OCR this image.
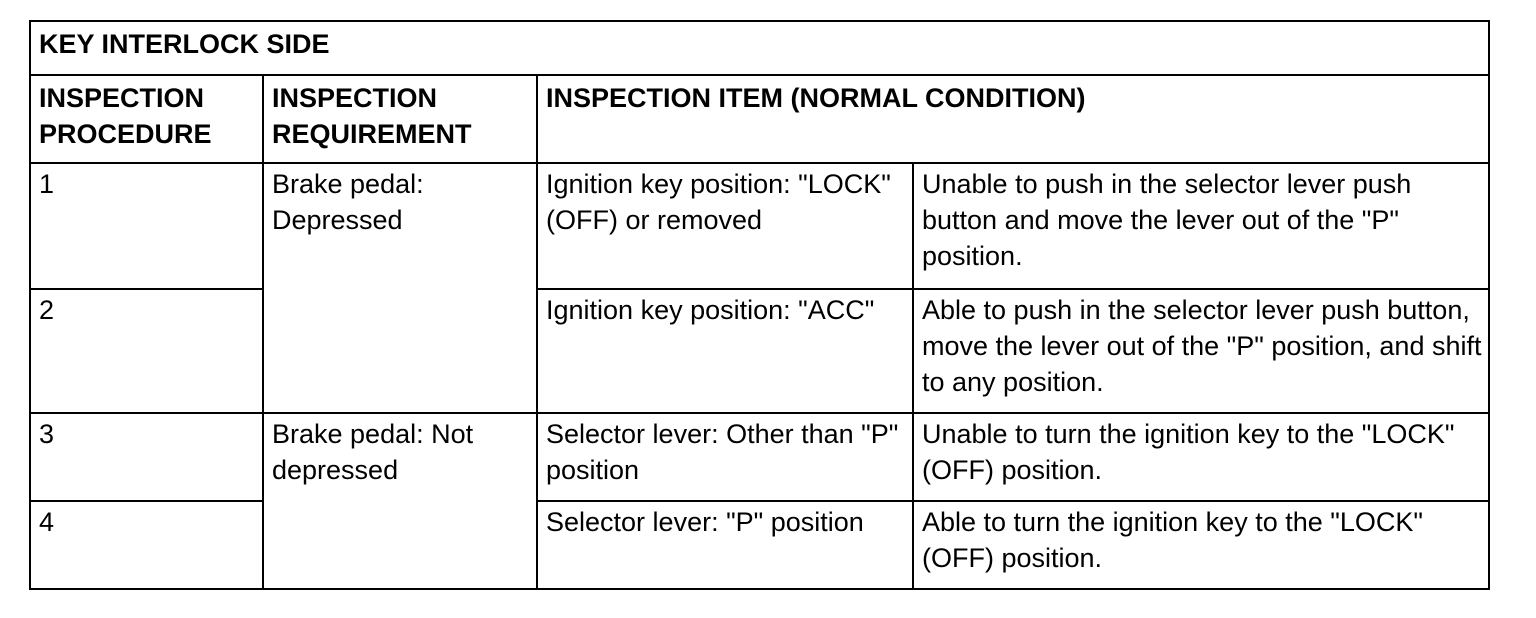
KEY INTERLOCK SIDE			
INSPECTION PROCEDURE	INSPECTION REQUIREMENT	INSPECTION ITEM (NORMAL CONDITION)	
1	Brake pedal: Depressed	Ignition key position: "LOCK" (OFF) or removed	Unable to push in the selector lever push button and move the lever out of the "P" position.
2		Ignition key position: "ACC"	Able to push in the selector lever push button, move the lever out of the "P" position, and shift to any position.
3	Brake pedal: Not depressed	Selector lever: Other than "P" position	Unable to turn the ignition key to the "LOCK" (OFF) position.
4		Selector lever: "P" position	Able to turn the ignition key to the "LOCK" (OFF) position.
